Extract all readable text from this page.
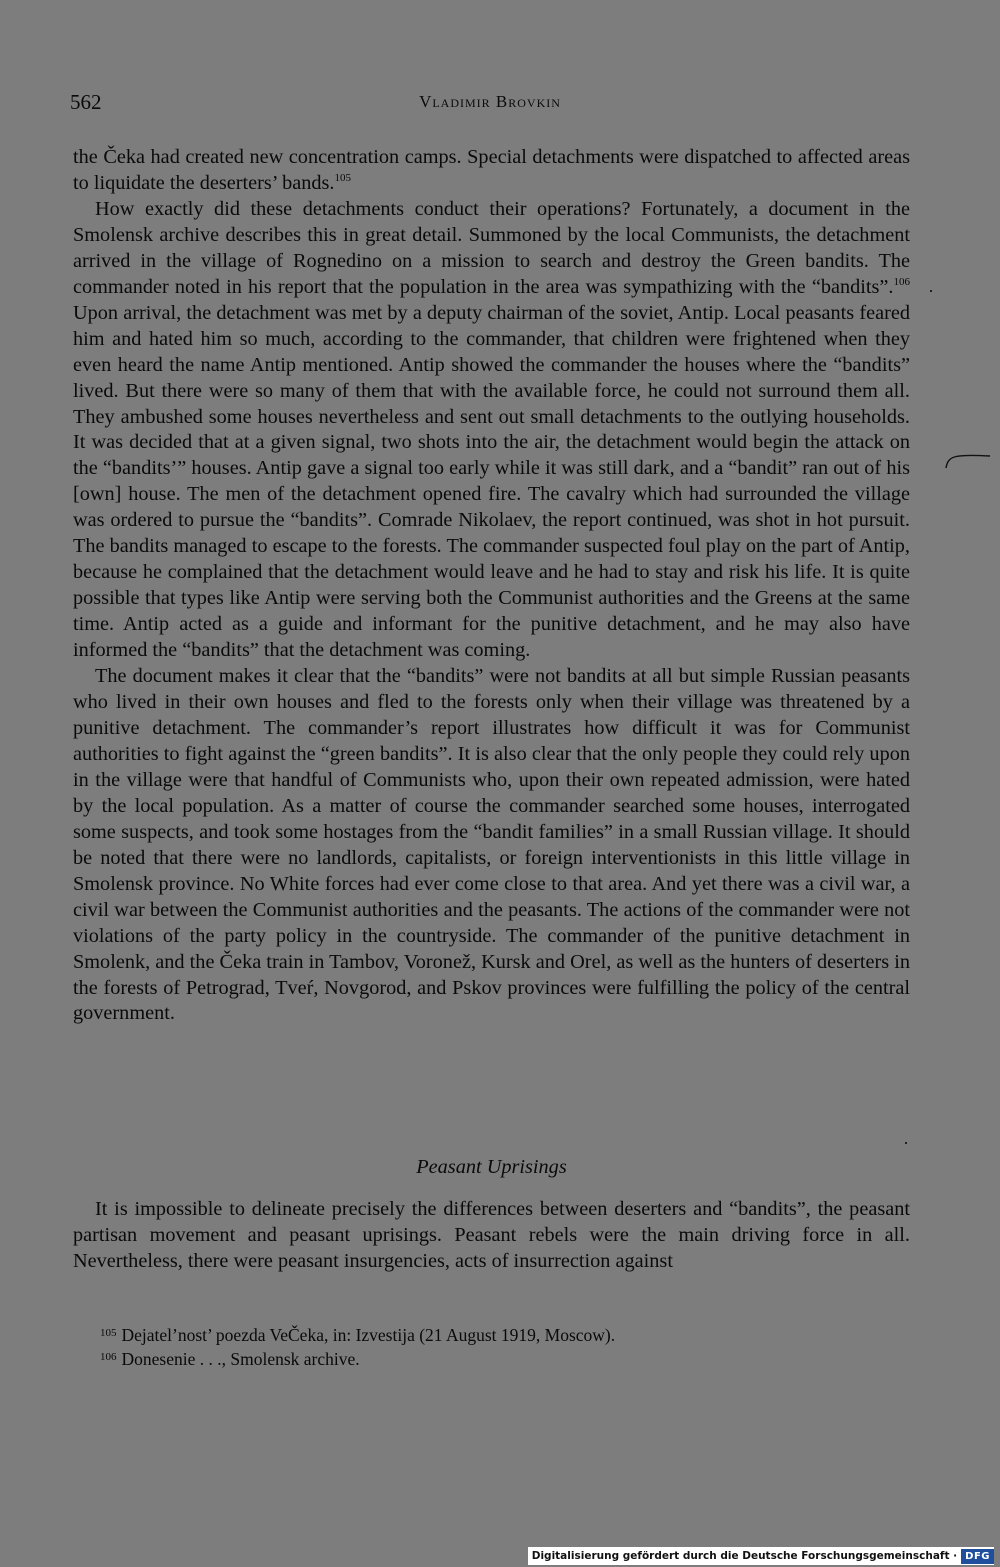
562	Vladimir Brovkin

the Čeka had created new concentration camps. Special detachments were dispatched to affected areas to liquidate the deserters’ bands.$^{105}$

How exactly did these detachments conduct their operations? Fortunately, a document in the Smolensk archive describes this in great detail. Summoned by the local Communists, the detachment arrived in the village of Rognedino on a mission to search and destroy the Green bandits. The commander noted in his report that the population in the area was sympathizing with the “bandits”.$^{106}$ Upon arrival, the detachment was met by a deputy chairman of the soviet, Antip. Local peasants feared him and hated him so much, according to the commander, that children were frightened when they even heard the name Antip mentioned. Antip showed the commander the houses where the “bandits” lived. But there were so many of them that with the available force, he could not surround them all. They ambushed some houses nevertheless and sent out small detachments to the outlying households. It was decided that at a given signal, two shots into the air, the detachment would begin the attack on the “bandits’” houses. Antip gave a signal too early while it was still dark, and a “bandit” ran out of his [own] house. The men of the detachment opened fire. The cavalry which had surrounded the village was ordered to pursue the “bandits”. Comrade Nikolaev, the report continued, was shot in hot pursuit. The bandits managed to escape to the forests. The commander suspected foul play on the part of Antip, because he complained that the detachment would leave and he had to stay and risk his life. It is quite possible that types like Antip were serving both the Communist authorities and the Greens at the same time. Antip acted as a guide and informant for the punitive detachment, and he may also have informed the “bandits” that the detachment was coming.

The document makes it clear that the “bandits” were not bandits at all but simple Russian peasants who lived in their own houses and fled to the forests only when their village was threatened by a punitive detachment. The commander’s report illustrates how difficult it was for Communist authorities to fight against the “green bandits”. It is also clear that the only people they could rely upon in the village were that handful of Communists who, upon their own repeated admission, were hated by the local population. As a matter of course the commander searched some houses, interrogated some suspects, and took some hostages from the “bandit families” in a small Russian village. It should be noted that there were no landlords, capitalists, or foreign interventionists in this little village in Smolensk province. No White forces had ever come close to that area. And yet there was a civil war, a civil war between the Communist authorities and the peasants. The actions of the commander were not violations of the party policy in the countryside. The commander of the punitive detachment in Smolenk, and the Čeka train in Tambov, Voronež, Kursk and Orel, as well as the hunters of deserters in the forests of Petrograd, Tveŕ, Novgorod, and Pskov provinces were fulfilling the policy of the central government.

Peasant Uprisings

It is impossible to delineate precisely the differences between deserters and “bandits”, the peasant partisan movement and peasant uprisings. Peasant rebels were the main driving force in all. Nevertheless, there were peasant insurgencies, acts of insurrection against

$^{105}$ Dejatel’nost’ poezda VeČeka, in: Izvestija (21 August 1919, Moscow).

$^{106}$ Donesenie . . ., Smolensk archive.

Digitalisierung gefördert durch die Deutsche Forschungsgemeinschaft · DFG
